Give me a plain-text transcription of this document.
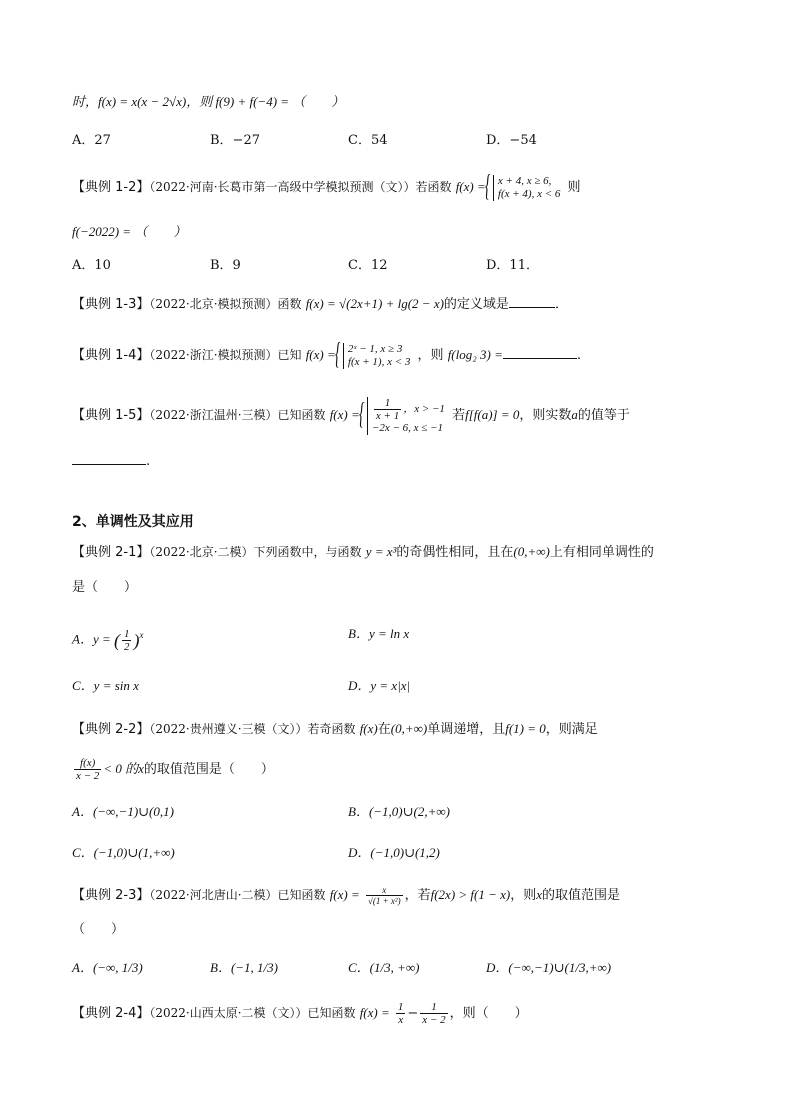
时，f(x) = x(x − 2√x)，则 f(9) + f(−4) = （　　）
A．27	B．−27	C．54	D．−54
【典例 1-2】（2022·河南·长葛市第一高级中学模拟预测（文））若函数 f(x) = { x + 4, x ≥ 6,
f(x + 4), x < 6 则
f(−2022) = （　　）
A．10	B．9	C．12	D．11．
【典例 1-3】（2022·北京·模拟预测）函数 f(x) = √(2x+1) + lg(2 − x)的定义域是	．
【典例 1-4】（2022·浙江·模拟预测）已知 f(x) = { 2ˣ − 1, x ≥ 3
f(x + 1), x < 3 ，则 f(log₂ 3) =	.
【典例 1-5】（2022·浙江温州·三模）已知函数 f(x) = { $\frac{1}{x + 1}$ ，x > −1
−2x − 6, x ≤ −1 若f[f(a)] = 0，则实数a的值等于
.
2、单调性及其应用
【典例 2-1】（2022·北京·二模）下列函数中，与函数 y = x³的奇偶性相同，且在(0,+∞)上有相同单调性的
是（　　）
A．y = ( $\frac{1}{2} )^x$	B．y = ln x
C．y = sin x	D．y = x|x|
【典例 2-2】（2022·贵州遵义·三模（文））若奇函数 f(x)在(0,+∞)单调递增，且f(1) = 0，则满足
$\frac{f(x)}{x - 2} < 0$ 的x的取值范围是（　　）
A．(−∞,−1)∪(0,1)	B．(−1,0)∪(2,+∞)
C．(−1,0)∪(1,+∞)	D．(−1,0)∪(1,2)
【典例 2-3】（2022·河北唐山·二模）已知函数 $f(x) = \frac{x}{\text{√(1 + x²)}}$ ，若f(2x) > f(1 − x)，则x的取值范围是
（　　）
A．(−∞, 1/3)	B．(−1, 1/3)	C．(1/3, +∞)	D．(−∞,−1)∪(1/3,+∞)
【典例 2-4】（2022·山西太原·二模（文））已知函数 $f(x) = \frac{1}{x} - \frac{1}{x - 2}$ ，则（　　）
